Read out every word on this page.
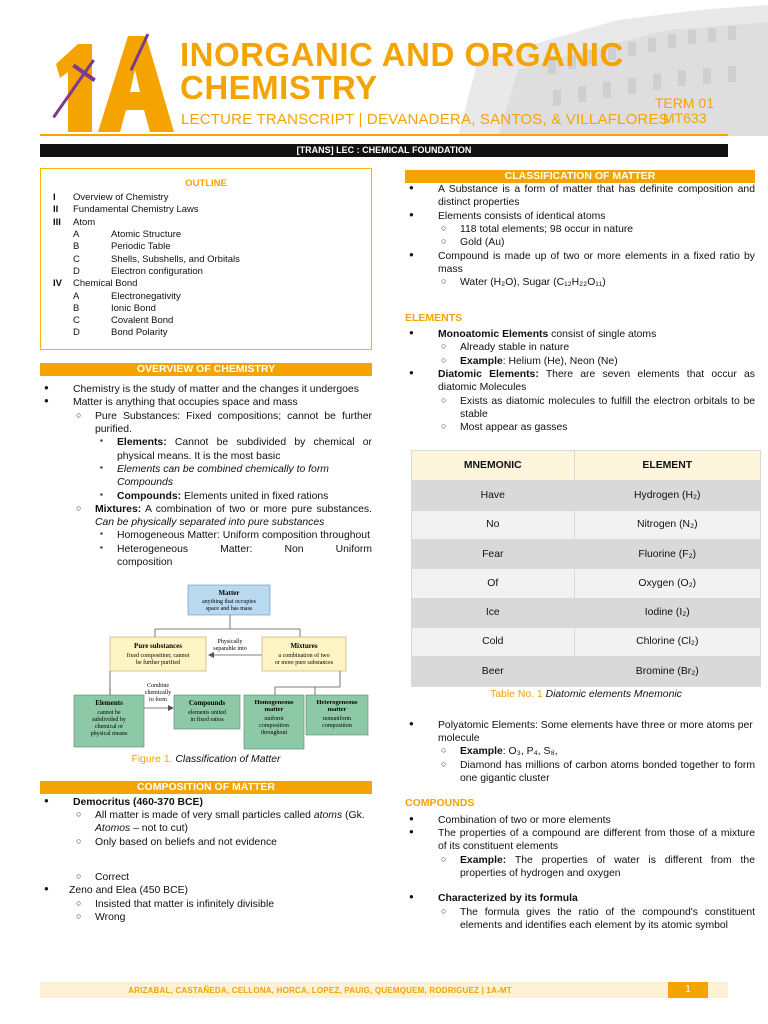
INORGANIC AND ORGANIC
CHEMISTRY
LECTURE TRANSCRIPT | DEVANADERA, SANTOS, & VILLAFLORES
TERM 01
MT633
[TRANS] LEC : CHEMICAL FOUNDATION
OUTLINE
I	Overview of Chemistry
II	Fundamental Chemistry Laws
III	Atom
A	Atomic Structure
B	Periodic Table
C	Shells, Subshells, and Orbitals
D	Electron configuration
IV	Chemical Bond
A	Electronegativity
B	Ionic Bond
C	Covalent Bond
D	Bond Polarity
OVERVIEW OF CHEMISTRY
● Chemistry is the study of matter and the changes it undergoes
● Matter is anything that occupies space and mass
○ Pure Substances: Fixed compositions; cannot be further purified.
▪ Elements: Cannot be subdivided by chemical or physical means. It is the most basic
▪ Elements can be combined chemically to form Compounds
▪ Compounds: Elements united in fixed rations
○ Mixtures: A combination of two or more pure substances. Can be physically separated into pure substances
▪ Homogeneous Matter: Uniform composition throughout
▪ Heterogeneous Matter: Non Uniform composition
Matter
anything that occupies
space and has mass
Physically
separable into
Pure substances
fixed composition; cannot
be further purified
Mixtures
a combination of two
or more pure substances
Combine
chemically
to form
Elements
cannot be
subdivided by
chemical or
physical means
Compounds
elements united
in fixed ratios
Homogeneous
matter
uniform
composition
throughout
Heterogeneous
matter
nonuniform
composition
Figure 1. Classification of Matter
COMPOSITION OF MATTER
● Democritus (460-370 BCE)
○ All matter is made of very small particles called atoms (Gk. Atomos – not to cut)
○ Only based on beliefs and not evidence
○ Correct
● Zeno and Elea (450 BCE)
○ Insisted that matter is infinitely divisible
○ Wrong
CLASSIFICATION OF MATTER
● A Substance is a form of matter that has definite composition and distinct properties
● Elements consists of identical atoms
○ 118 total elements; 98 occur in nature
○ Gold (Au)
● Compound is made up of two or more elements in a fixed ratio by mass
○ Water (H₂O), Sugar (C₁₂H₂₂O₁₁)
ELEMENTS
● Monoatomic Elements consist of single atoms
○ Already stable in nature
○ Example: Helium (He), Neon (Ne)
● Diatomic Elements: There are seven elements that occur as diatomic Molecules
○ Exists as diatomic molecules to fulfill the electron orbitals to be stable
○ Most appear as gasses
MNEMONIC	ELEMENT
Have	Hydrogen (H₂)
No	Nitrogen (N₂)
Fear	Fluorine (F₂)
Of	Oxygen (O₂)
Ice	Iodine (I₂)
Cold	Chlorine (Cl₂)
Beer	Bromine (Br₂)
Table No. 1 Diatomic elements Mnemonic
● Polyatomic Elements: Some elements have three or more atoms per molecule
○ Example: O₃, P₄, S₈,
○ Diamond has millions of carbon atoms bonded together to form one gigantic cluster
COMPOUNDS
● Combination of two or more elements
● The properties of a compound are different from those of a mixture of its constituent elements
○ Example: The properties of water is different from the properties of hydrogen and oxygen
● Characterized by its formula
○ The formula gives the ratio of the compound's constituent elements and identifies each element by its atomic symbol
ARIZABAL, CASTAÑEDA, CELLONA, HORCA, LOPEZ, PAUIG, QUEMQUEM, RODRIGUEZ | 1A-MT	1
